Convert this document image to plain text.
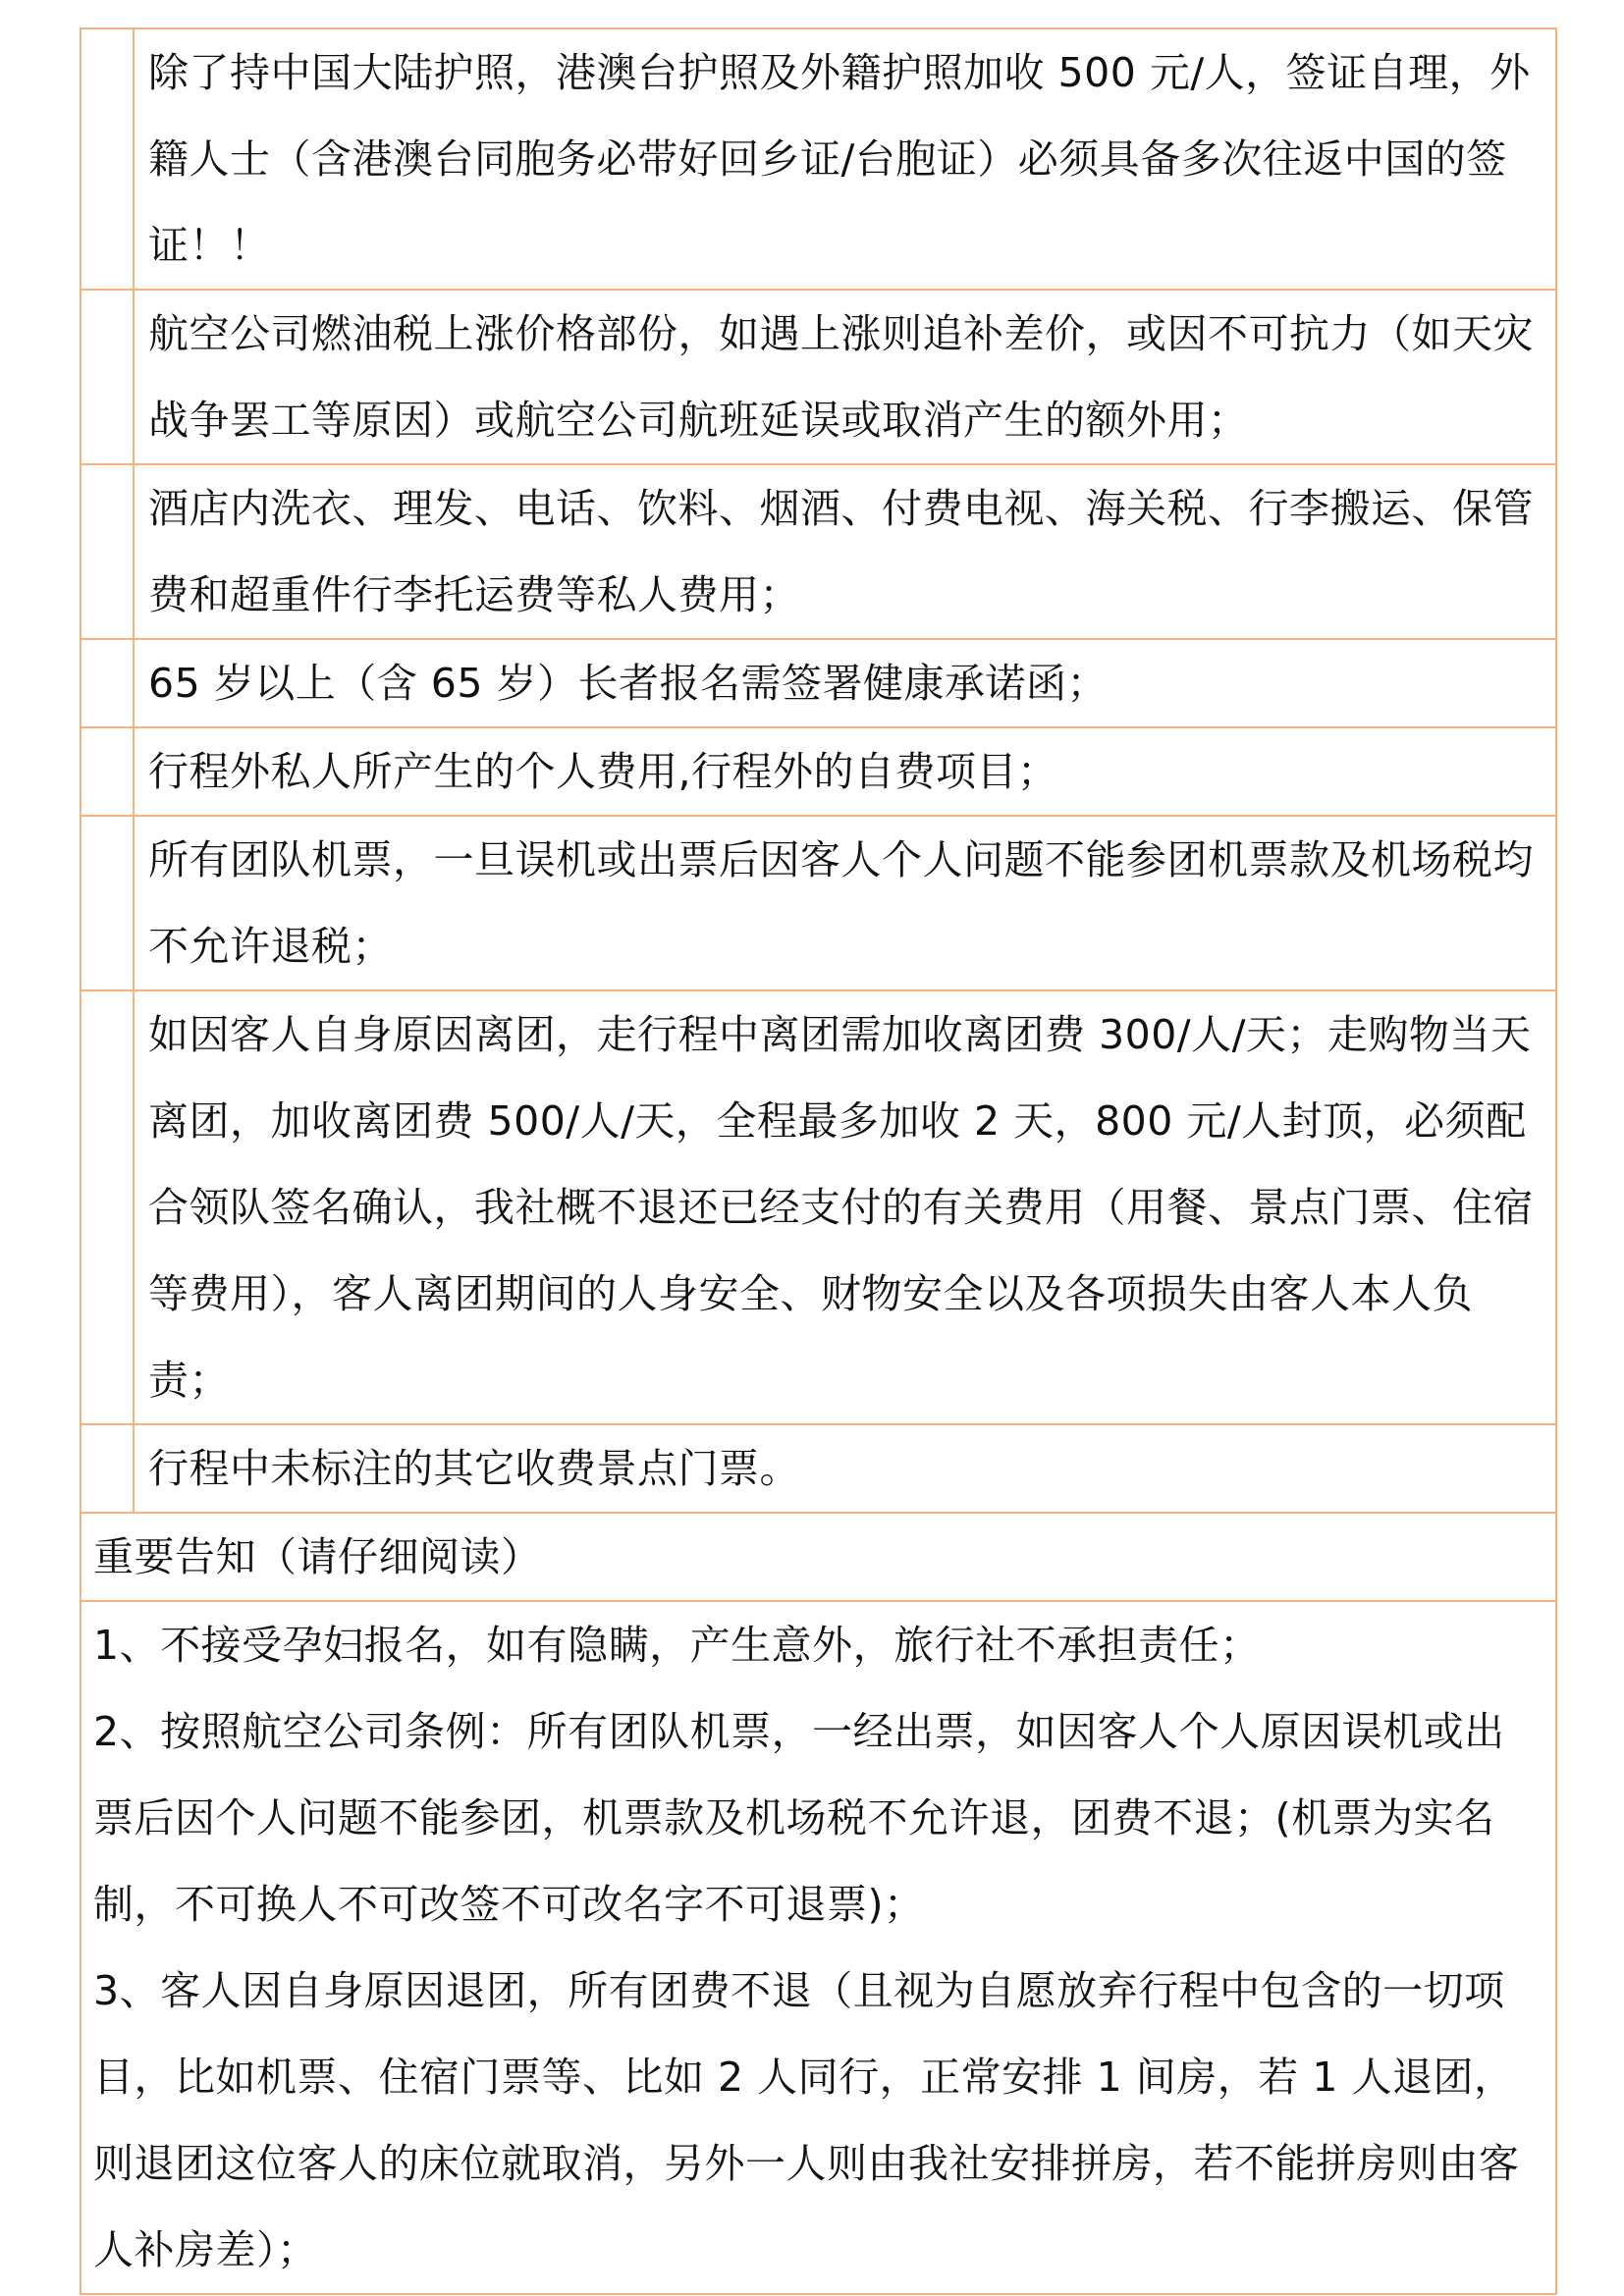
	除了持中国大陆护照，港澳台护照及外籍护照加收 500 元/人，签证自理，外籍人士（含港澳台同胞务必带好回乡证/台胞证）必须具备多次往返中国的签证！！
	航空公司燃油税上涨价格部份，如遇上涨则追补差价，或因不可抗力（如天灾战争罢工等原因）或航空公司航班延误或取消产生的额外用；
	酒店内洗衣、理发、电话、饮料、烟酒、付费电视、海关税、行李搬运、保管费和超重件行李托运费等私人费用；
	65 岁以上（含 65 岁）长者报名需签署健康承诺函；
	行程外私人所产生的个人费用,行程外的自费项目；
	所有团队机票，一旦误机或出票后因客人个人问题不能参团机票款及机场税均不允许退税；
	如因客人自身原因离团，走行程中离团需加收离团费 300/人/天；走购物当天离团，加收离团费 500/人/天，全程最多加收 2 天，800 元/人封顶，必须配合领队签名确认，我社概不退还已经支付的有关费用（用餐、景点门票、住宿等费用），客人离团期间的人身安全、财物安全以及各项损失由客人本人负责；
	行程中未标注的其它收费景点门票。
重要告知（请仔细阅读）	

1、不接受孕妇报名，如有隐瞒，产生意外，旅行社不承担责任；
2、按照航空公司条例：所有团队机票，一经出票，如因客人个人原因误机或出票后因个人问题不能参团，机票款及机场税不允许退，团费不退；(机票为实名制，不可换人不可改签不可改名字不可退票)；
3、客人因自身原因退团，所有团费不退（且视为自愿放弃行程中包含的一切项目，比如机票、住宿门票等、比如 2 人同行，正常安排 1 间房，若 1 人退团，则退团这位客人的床位就取消，另外一人则由我社安排拼房，若不能拼房则由客人补房差）；	
